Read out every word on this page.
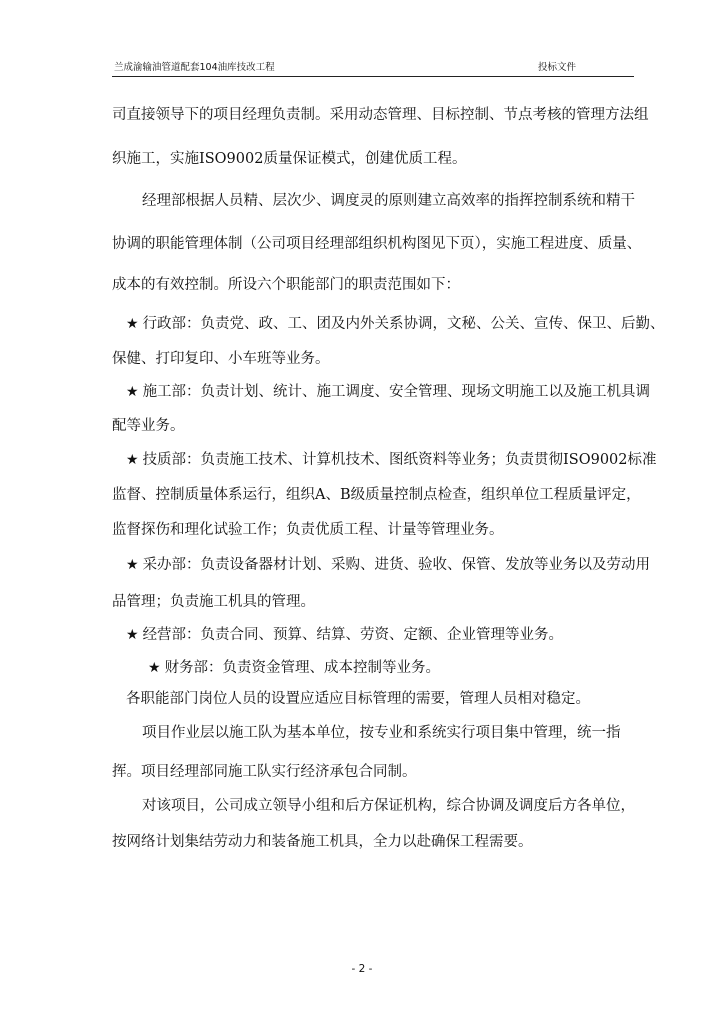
兰成渝输油管道配套104油库技改工程	投标文件
司直接领导下的项目经理负责制。采用动态管理、目标控制、节点考核的管理方法组
织施工，实施ISO9002质量保证模式，创建优质工程。
经理部根据人员精、层次少、调度灵的原则建立高效率的指挥控制系统和精干
协调的职能管理体制（公司项目经理部组织机构图见下页），实施工程进度、质量、
成本的有效控制。所设六个职能部门的职责范围如下：
★ 行政部：负责党、政、工、团及内外关系协调，文秘、公关、宣传、保卫、后勤、
保健、打印复印、小车班等业务。
★ 施工部：负责计划、统计、施工调度、安全管理、现场文明施工以及施工机具调
配等业务。
★ 技质部：负责施工技术、计算机技术、图纸资料等业务；负责贯彻ISO9002标准
监督、控制质量体系运行，组织A、B级质量控制点检查，组织单位工程质量评定，
监督探伤和理化试验工作；负责优质工程、计量等管理业务。
★ 采办部：负责设备器材计划、采购、进货、验收、保管、发放等业务以及劳动用
品管理；负责施工机具的管理。
★ 经营部：负责合同、预算、结算、劳资、定额、企业管理等业务。
★ 财务部：负责资金管理、成本控制等业务。
各职能部门岗位人员的设置应适应目标管理的需要，管理人员相对稳定。
项目作业层以施工队为基本单位，按专业和系统实行项目集中管理，统一指
挥。项目经理部同施工队实行经济承包合同制。
对该项目，公司成立领导小组和后方保证机构，综合协调及调度后方各单位，
按网络计划集结劳动力和装备施工机具，全力以赴确保工程需要。
- 2 -
